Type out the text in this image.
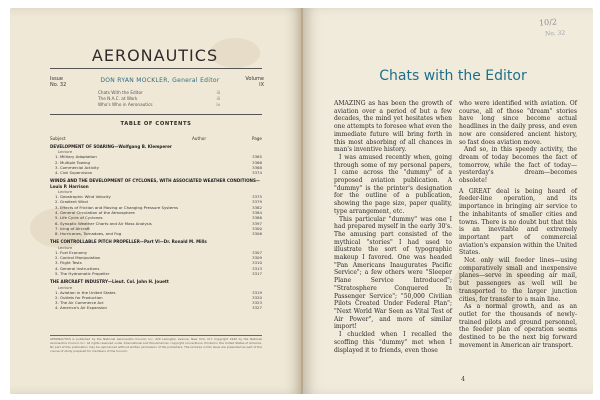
AERONAUTICS
Issue
No. 32
Volume
IX
DON RYAN MOCKLER, General Editor
Chats With the Editor	iii
The N.A.C. at Work	iii
Who's Who in Aeronautics	iv
TABLE OF CONTENTS
Subject	Author	Page
DEVELOPMENT OF SOARING—Wolfgang B. Klemperer
Lecture
1. Military Adaptation	3365
2. Multiple Towing	3366
3. Commercial Activity	3368
4. Civil Supervision	3374
WINDS AND THE DEVELOPMENT OF CYCLONES, WITH ASSOCIATED WEATHER CONDITIONS—Louis P. Harrison
Lecture
1. Geostrophic Wind Velocity	3375
2. Gradient Wind	3379
3. Effects of Friction and Moving or Changing Pressure Systems	3382
4. General Circulation of the Atmosphere	3384
5. Life Cycle of Cyclones	3386
6. Synoptic Weather Charts and Air Mass Analysis	3397
7. Icing of Aircraft	3300
8. Hurricanes, Tornadoes, and Fog	3306
THE CONTROLLABLE PITCH PROPELLER—Part VI—Dr. Ronald M. Mills
Lecture
1. Fuel Economy	3307
2. Control Manipulation	3309
3. Flight Tests	3310
4. General Instructions	3313
5. The Hydromatic Propeller	3317
THE AIRCRAFT INDUSTRY—Lieut. Col. John H. Jouett
Lecture
1. Aviation in the United States	3319
2. Outlets for Production	3320
3. The Air Commerce Act	3323
4. America's Air Expansion	3327
AERONAUTICS is published by the National Aeronautics Council, Inc. 420 Lexington Avenue, New York, N.Y. Copyright 1940 by the National Aeronautics Council, Inc. All rights reserved under international and Pan-American copyright conventions. Printed in the United States of America. No part of this publication may be reproduced without written permission of the publishers. The lectures in this issue are presented as part of the course of study prepared for members of the Council.
10/2
No. 32
Chats with the Editor

AMAZING as has been the growth of aviation over a period of but a few decades, the mind yet hesitates when one attempts to foresee what even the immediate future will bring forth in this most absorbing of all chances in man's inventive history.

I was amused recently when, going through some of my personal papers, I came across the "dummy" of a proposed aviation publication. A "dummy" is the printer's designation for the outline of a publication, showing the page size, paper quality, type arrangement, etc.

This particular "dummy" was one I had prepared myself in the early 30's. The amusing part consisted of the mythical "stories" I had used to illustrate the sort of typographic makeup I favored. One was headed "Pan Americans Inaugurates Pacific Service"; a few others were "Sleeper Plane Service Introduced"; "Stratosphere Conquered In Passenger Service"; "50,000 Civilian Pilots Created Under Federal Plan"; "Next World War Seen as Vital Test of Air Power", and more of similar import!

I chuckled when I recalled the scoffing this "dummy" met when I displayed it to friends, even those

who were identified with aviation. Of course, all of those "dream" stories have long since become actual headlines in the daily press, and even now are considered ancient history, so fast does aviation move.

And so, in this speedy activity, the dream of today becomes the fact of tomorrow, while the fact of today—yesterday's dream—becomes obsolete!

A GREAT deal is being heard of feeder-line operation, and its importance in bringing air service to the inhabitants of smaller cities and towns. There is no doubt but that this is an inevitable and extremely important part of commercial aviation's expansion within the United States.

Not only will feeder lines—using comparatively small and inexpensive planes—serve in speeding air mail, but passengers as well will be transported to the larger junction cities, for transfer to a main line.

As a normal growth, and as an outlet for the thousands of newly-trained pilots and ground personnel, the feeder plan of operation seems destined to be the next big forward movement in American air transport.

4
